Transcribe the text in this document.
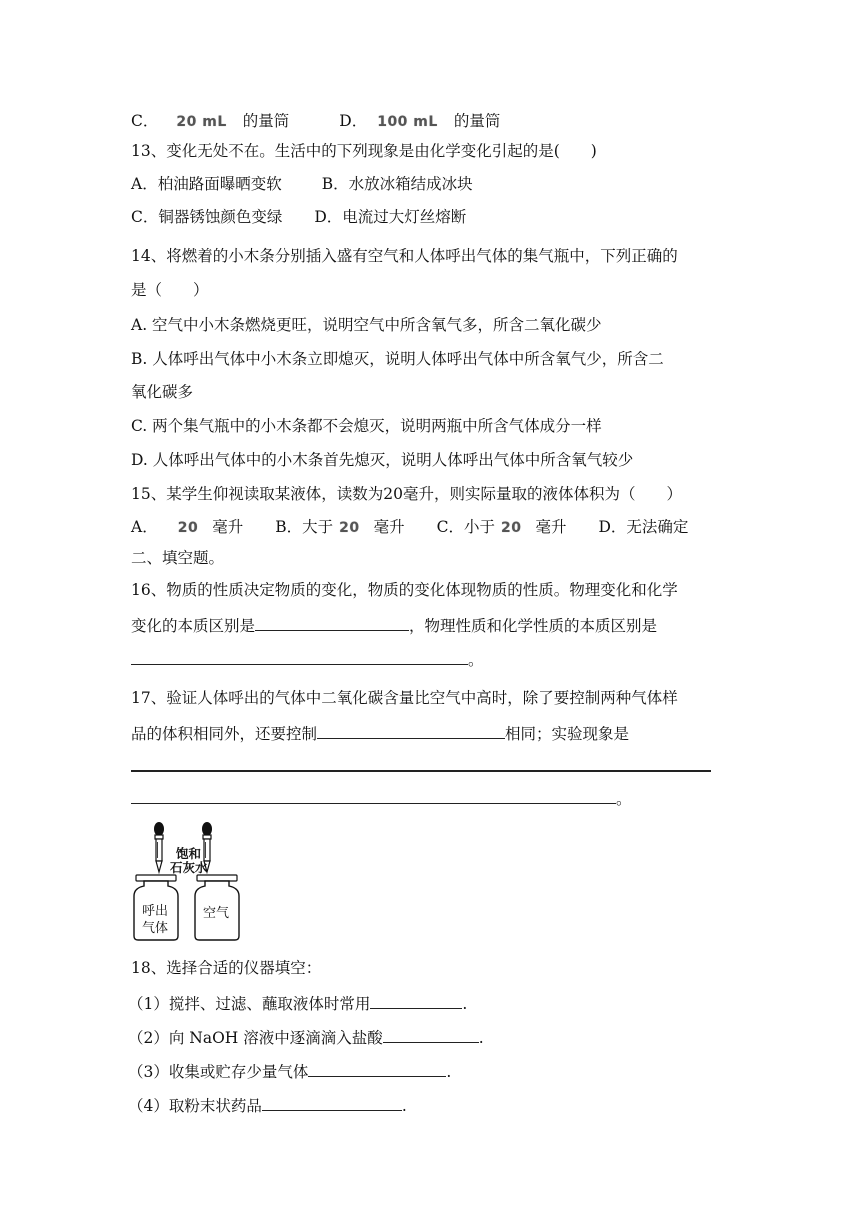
C． 20 mL 的量筒	D． 100 mL 的量筒
13、变化无处不在。生活中的下列现象是由化学变化引起的是(　　)
A．柏油路面曝晒变软	B．水放冰箱结成冰块
C．铜器锈蚀颜色变绿 D．电流过大灯丝熔断
14、将燃着的小木条分别插入盛有空气和人体呼出气体的集气瓶中，下列正确的
是（　　）
A. 空气中小木条燃烧更旺，说明空气中所含氧气多，所含二氧化碳少
B. 人体呼出气体中小木条立即熄灭，说明人体呼出气体中所含氧气少，所含二
氧化碳多
C. 两个集气瓶中的小木条都不会熄灭，说明两瓶中所含气体成分一样
D. 人体呼出气体中的小木条首先熄灭，说明人体呼出气体中所含氧气较少
15、某学生仰视读取某液体，读数为20毫升，则实际量取的液体体积为（　　）
A． 20 毫升 B．大于 20 毫升 C．小于 20 毫升 D．无法确定
二、填空题。
16、物质的性质决定物质的变化，物质的变化体现物质的性质。物理变化和化学
变化的本质区别是	，物理性质和化学性质的本质区别是
。
17、验证人体呼出的气体中二氧化碳含量比空气中高时，除了要控制两种气体样
品的体积相同外，还要控制	相同；实验现象是
。
饱和
石灰水
呼出
气体
空气
18、选择合适的仪器填空：
（1）搅拌、过滤、蘸取液体时常用	.
（2）向 NaOH 溶液中逐滴滴入盐酸	.
（3）收集或贮存少量气体	.
（4）取粉末状药品	.
